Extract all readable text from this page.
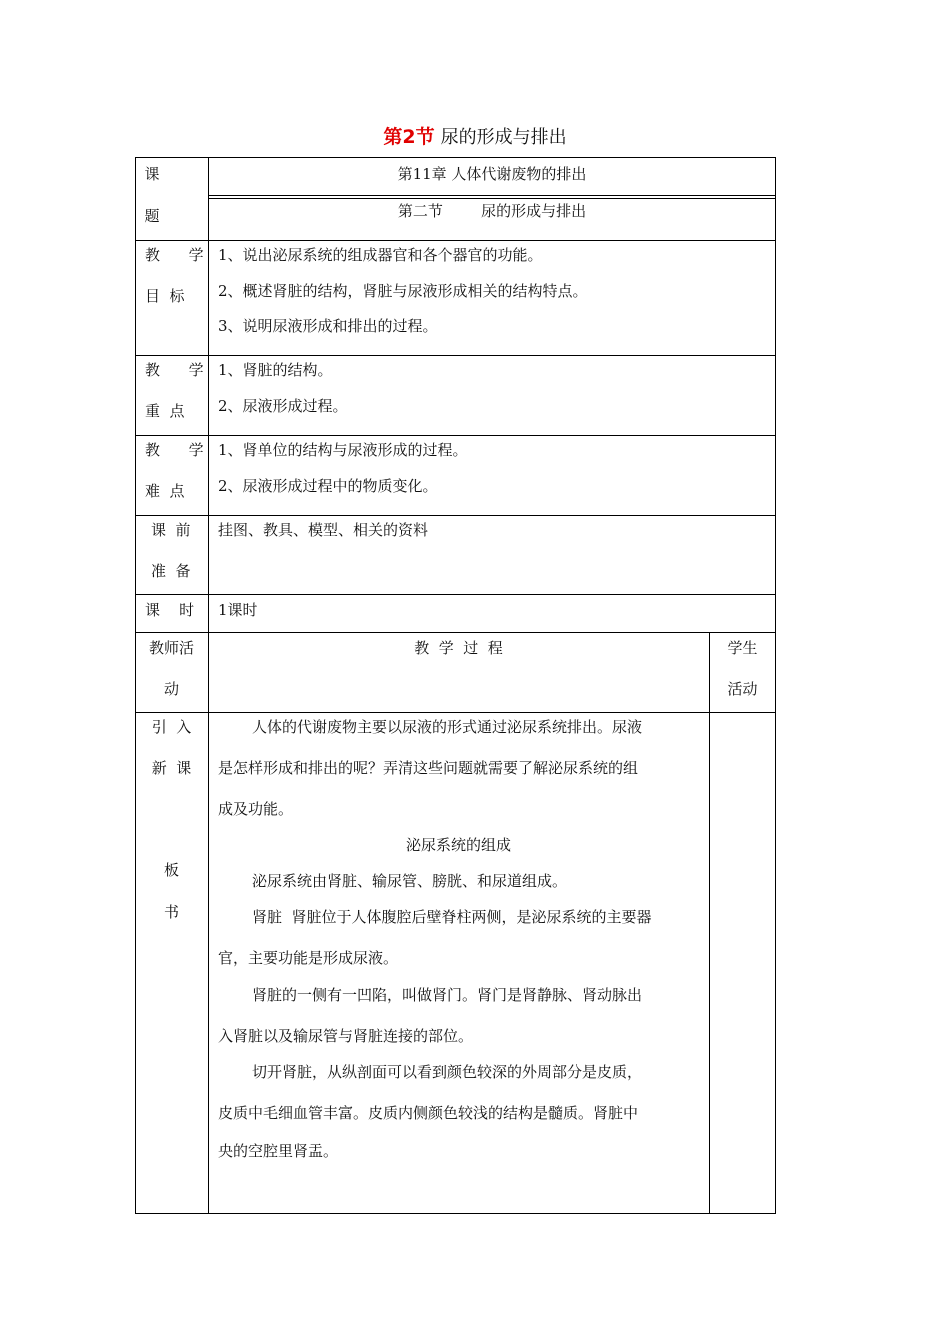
第2节 尿的形成与排出
课
题
第11章 人体代谢废物的排出
第二节        尿的形成与排出
教      学
目  标
1、说出泌尿系统的组成器官和各个器官的功能。
2、概述肾脏的结构，肾脏与尿液形成相关的结构特点。
3、说明尿液形成和排出的过程。
教      学
重  点
1、肾脏的结构。
2、尿液形成过程。
教      学
难  点
1、肾单位的结构与尿液形成的过程。
2、尿液形成过程中的物质变化。
课  前
准  备
挂图、教具、模型、相关的资料
课    时 1课时
教师活
动
教  学  过  程	学生
活动
引  入
新  课
板
书
人体的代谢废物主要以尿液的形式通过泌尿系统排出。尿液
是怎样形成和排出的呢？弄清这些问题就需要了解泌尿系统的组
成及功能。
泌尿系统的组成
泌尿系统由肾脏、输尿管、膀胱、和尿道组成。
肾脏  肾脏位于人体腹腔后壁脊柱两侧，是泌尿系统的主要器
官，主要功能是形成尿液。
肾脏的一侧有一凹陷，叫做肾门。肾门是肾静脉、肾动脉出
入肾脏以及输尿管与肾脏连接的部位。
切开肾脏，从纵剖面可以看到颜色较深的外周部分是皮质，
皮质中毛细血管丰富。皮质内侧颜色较浅的结构是髓质。肾脏中
央的空腔里肾盂。
